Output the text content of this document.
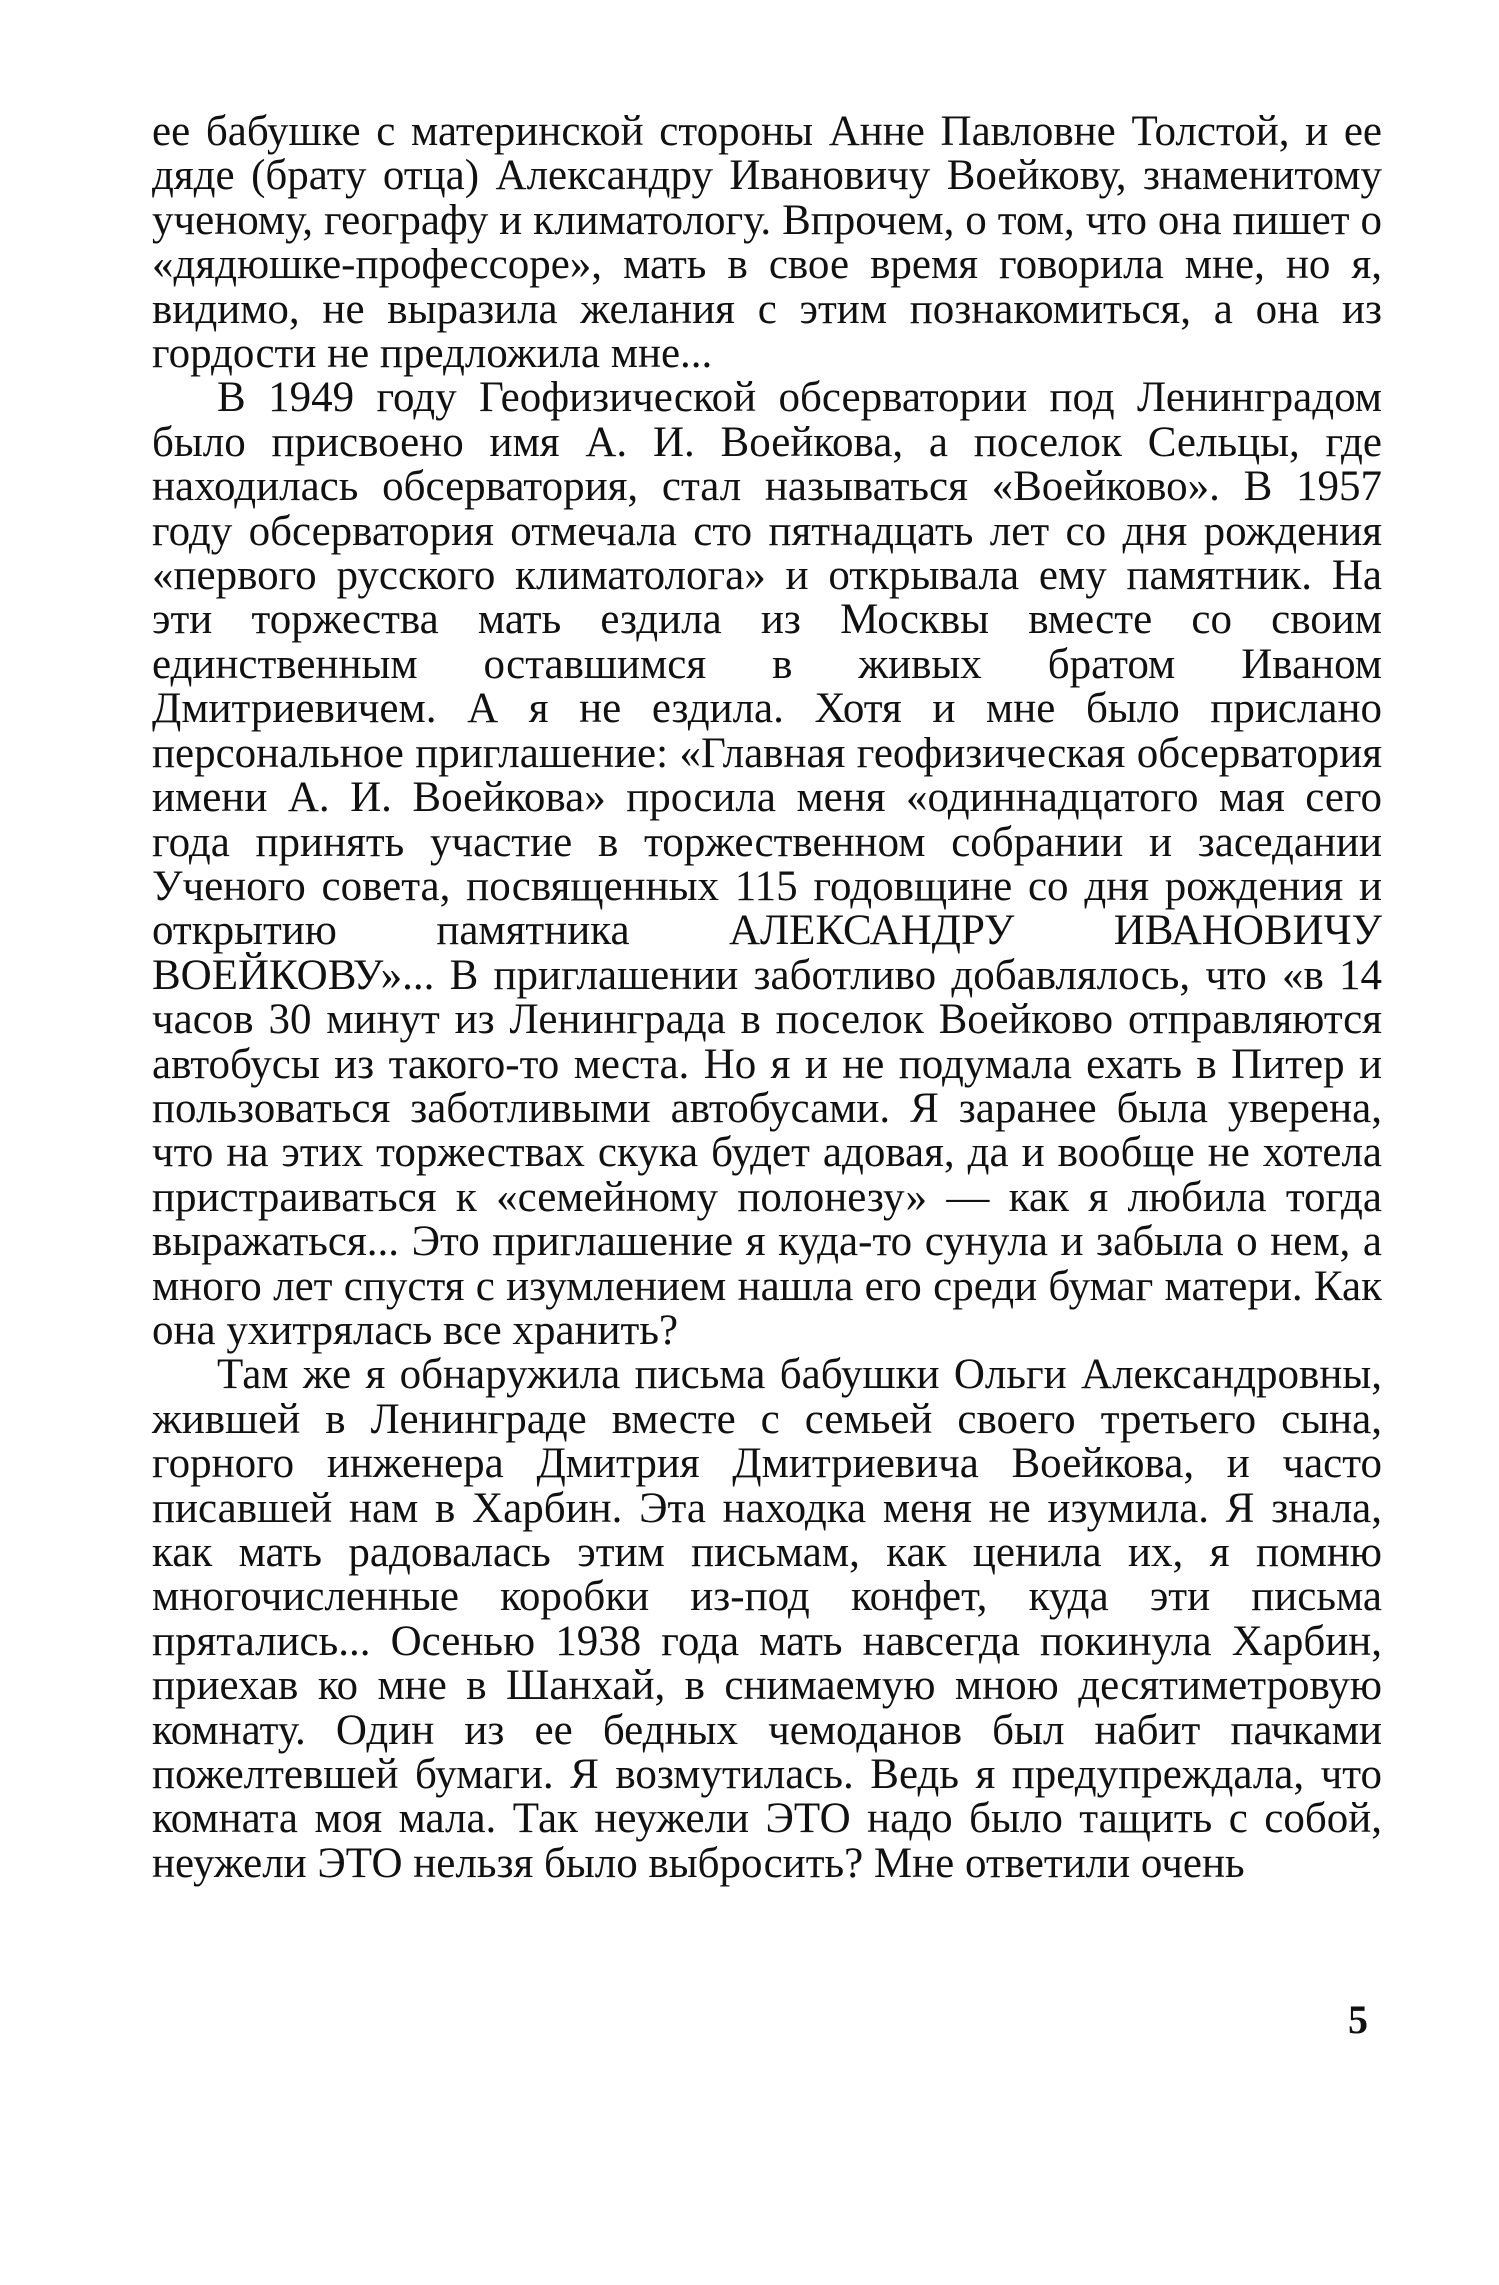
ее бабушке с материнской стороны Анне Павловне Толстой, и ее дяде (брату отца) Александру Ивановичу Воейкову, знаменитому ученому, географу и климатологу. Впрочем, о том, что она пишет о «дядюшке-профессоре», мать в свое время говорила мне, но я, видимо, не выразила желания с этим познакомиться, а она из гордости не предложила мне...

В 1949 году Геофизической обсерватории под Ленинградом было присвоено имя А. И. Воейкова, а поселок Сельцы, где находилась обсерватория, стал называться «Воейково». В 1957 году обсерватория отмечала сто пятнадцать лет со дня рождения «первого русского климатолога» и открывала ему памятник. На эти торжества мать ездила из Москвы вместе со своим единственным оставшимся в живых братом Иваном Дмитриевичем. А я не ездила. Хотя и мне было прислано персональное приглашение: «Главная геофизическая обсерватория имени А. И. Воейкова» просила меня «одиннадцатого мая сего года принять участие в торжественном собрании и заседании Ученого совета, посвященных 115 годовщине со дня рождения и открытию памятника АЛЕКСАНДРУ ИВАНОВИЧУ ВОЕЙКОВУ»... В приглашении заботливо добавлялось, что «в 14 часов 30 минут из Ленинграда в поселок Воейково отправляются автобусы из такого-то места. Но я и не подумала ехать в Питер и пользоваться заботливыми автобусами. Я заранее была уверена, что на этих торжествах скука будет адовая, да и вообще не хотела пристраиваться к «семейному полонезу» — как я любила тогда выражаться... Это приглашение я куда-то сунула и забыла о нем, а много лет спустя с изумлением нашла его среди бумаг матери. Как она ухитрялась все хранить?

Там же я обнаружила письма бабушки Ольги Александровны, жившей в Ленинграде вместе с семьей своего третьего сына, горного инженера Дмитрия Дмитриевича Воейкова, и часто писавшей нам в Харбин. Эта находка меня не изумила. Я знала, как мать радовалась этим письмам, как ценила их, я помню многочисленные коробки из-под конфет, куда эти письма прятались... Осенью 1938 года мать навсегда покинула Харбин, приехав ко мне в Шанхай, в снимаемую мною десятиметровую комнату. Один из ее бедных чемоданов был набит пачками пожелтевшей бумаги. Я возмутилась. Ведь я предупреждала, что комната моя мала. Так неужели ЭТО надо было тащить с собой, неужели ЭТО нельзя было выбросить? Мне ответили очень

5
